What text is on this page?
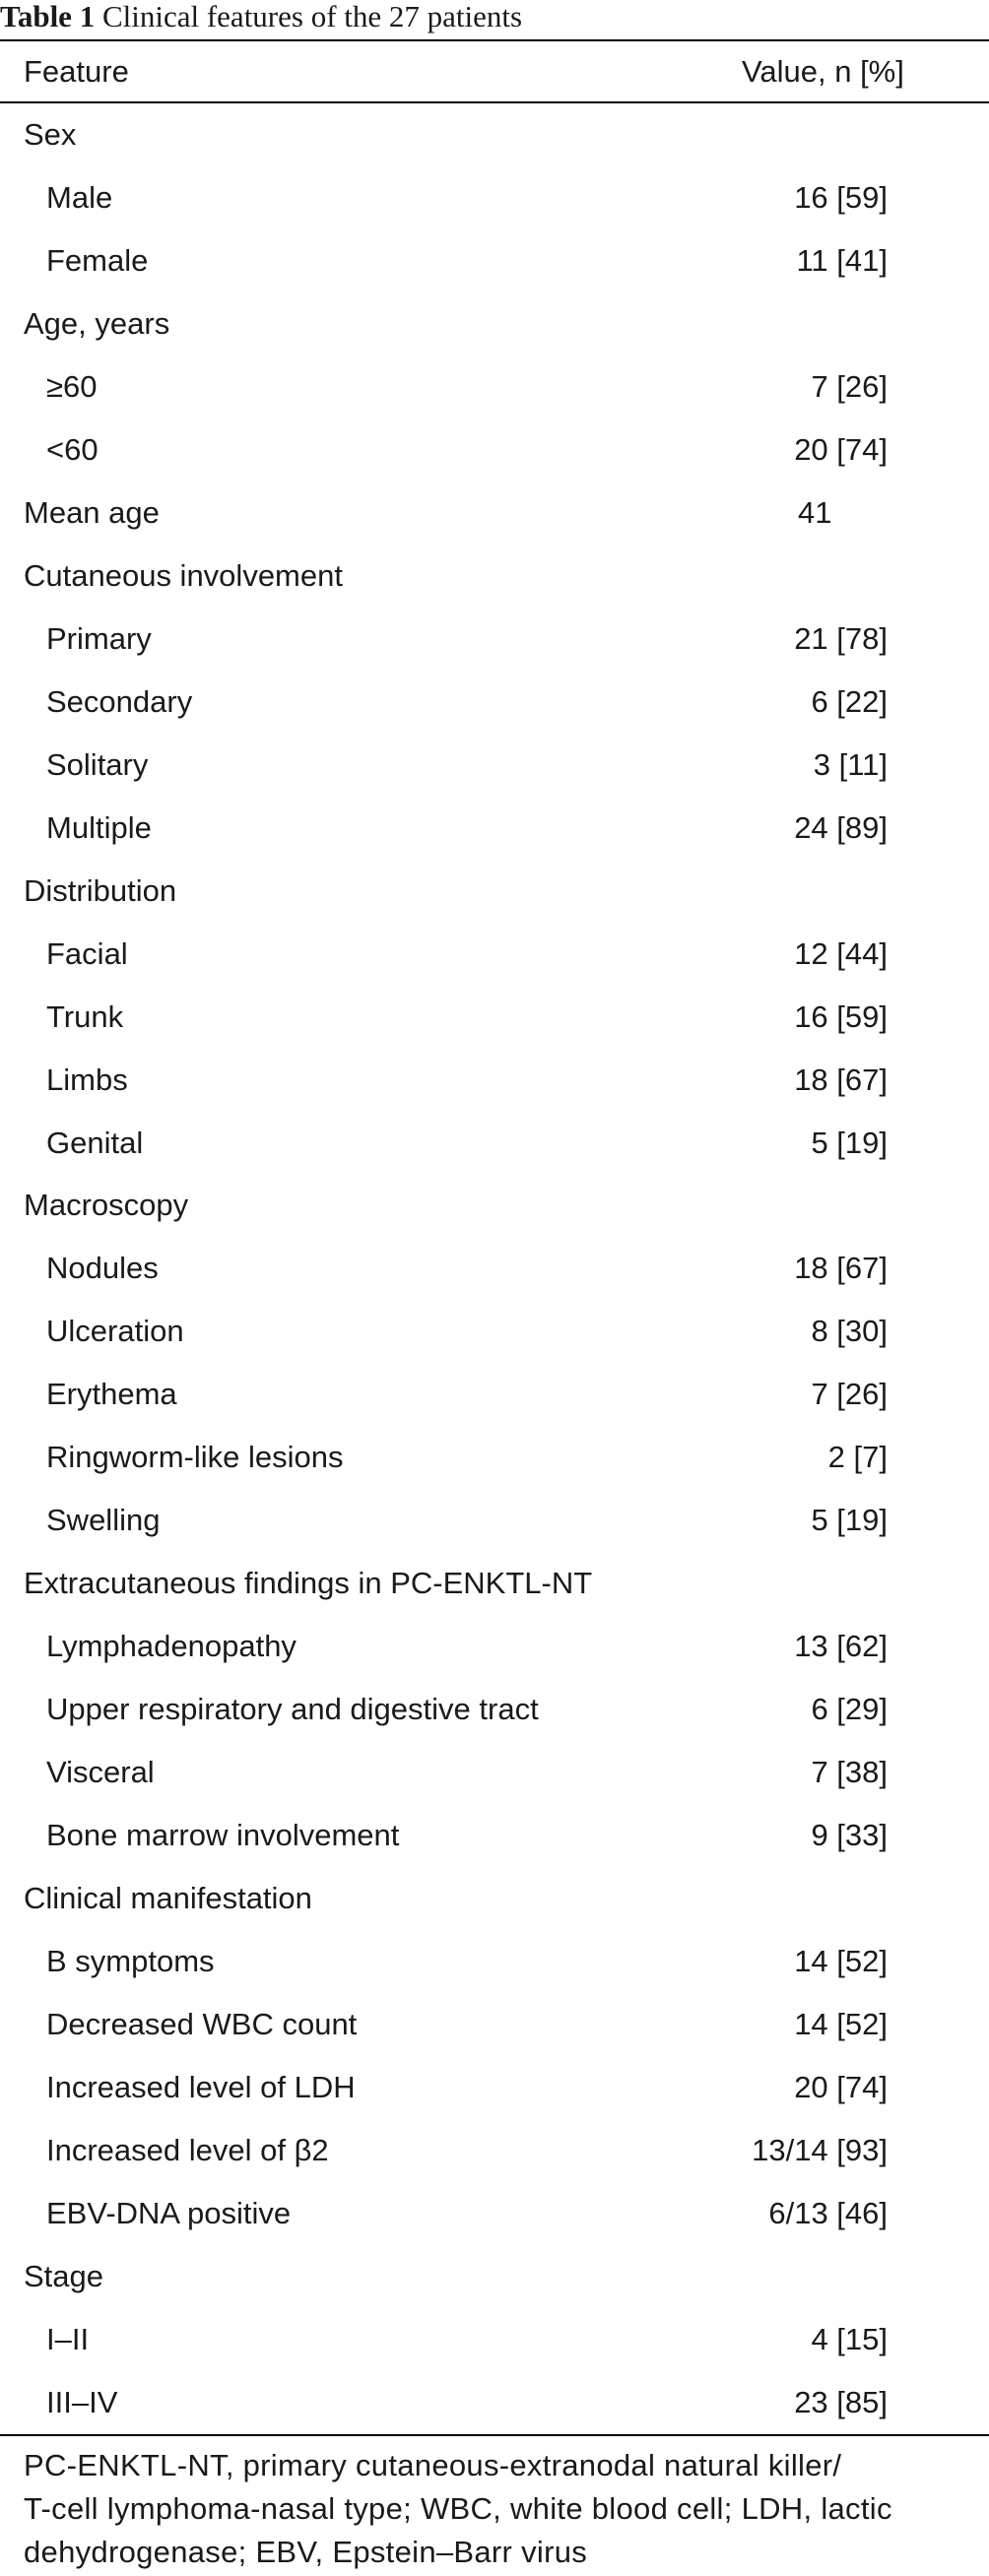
Table 1 Clinical features of the 27 patients
Feature	Value, n [%]
Sex
Male	16 [59]
Female	11 [41]
Age, years
≥60	7 [26]
<60	20 [74]
Mean age	41
Cutaneous involvement
Primary	21 [78]
Secondary	6 [22]
Solitary	3 [11]
Multiple	24 [89]
Distribution
Facial	12 [44]
Trunk	16 [59]
Limbs	18 [67]
Genital	5 [19]
Macroscopy
Nodules	18 [67]
Ulceration	8 [30]
Erythema	7 [26]
Ringworm-like lesions	2 [7]
Swelling	5 [19]
Extracutaneous findings in PC-ENKTL-NT
Lymphadenopathy	13 [62]
Upper respiratory and digestive tract	6 [29]
Visceral	7 [38]
Bone marrow involvement	9 [33]
Clinical manifestation
B symptoms	14 [52]
Decreased WBC count	14 [52]
Increased level of LDH	20 [74]
Increased level of β2	13/14 [93]
EBV-DNA positive	6/13 [46]
Stage
I–II	4 [15]
III–IV	23 [85]
PC-ENKTL-NT, primary cutaneous-extranodal natural killer/
T-cell lymphoma-nasal type; WBC, white blood cell; LDH, lactic
dehydrogenase; EBV, Epstein–Barr virus
